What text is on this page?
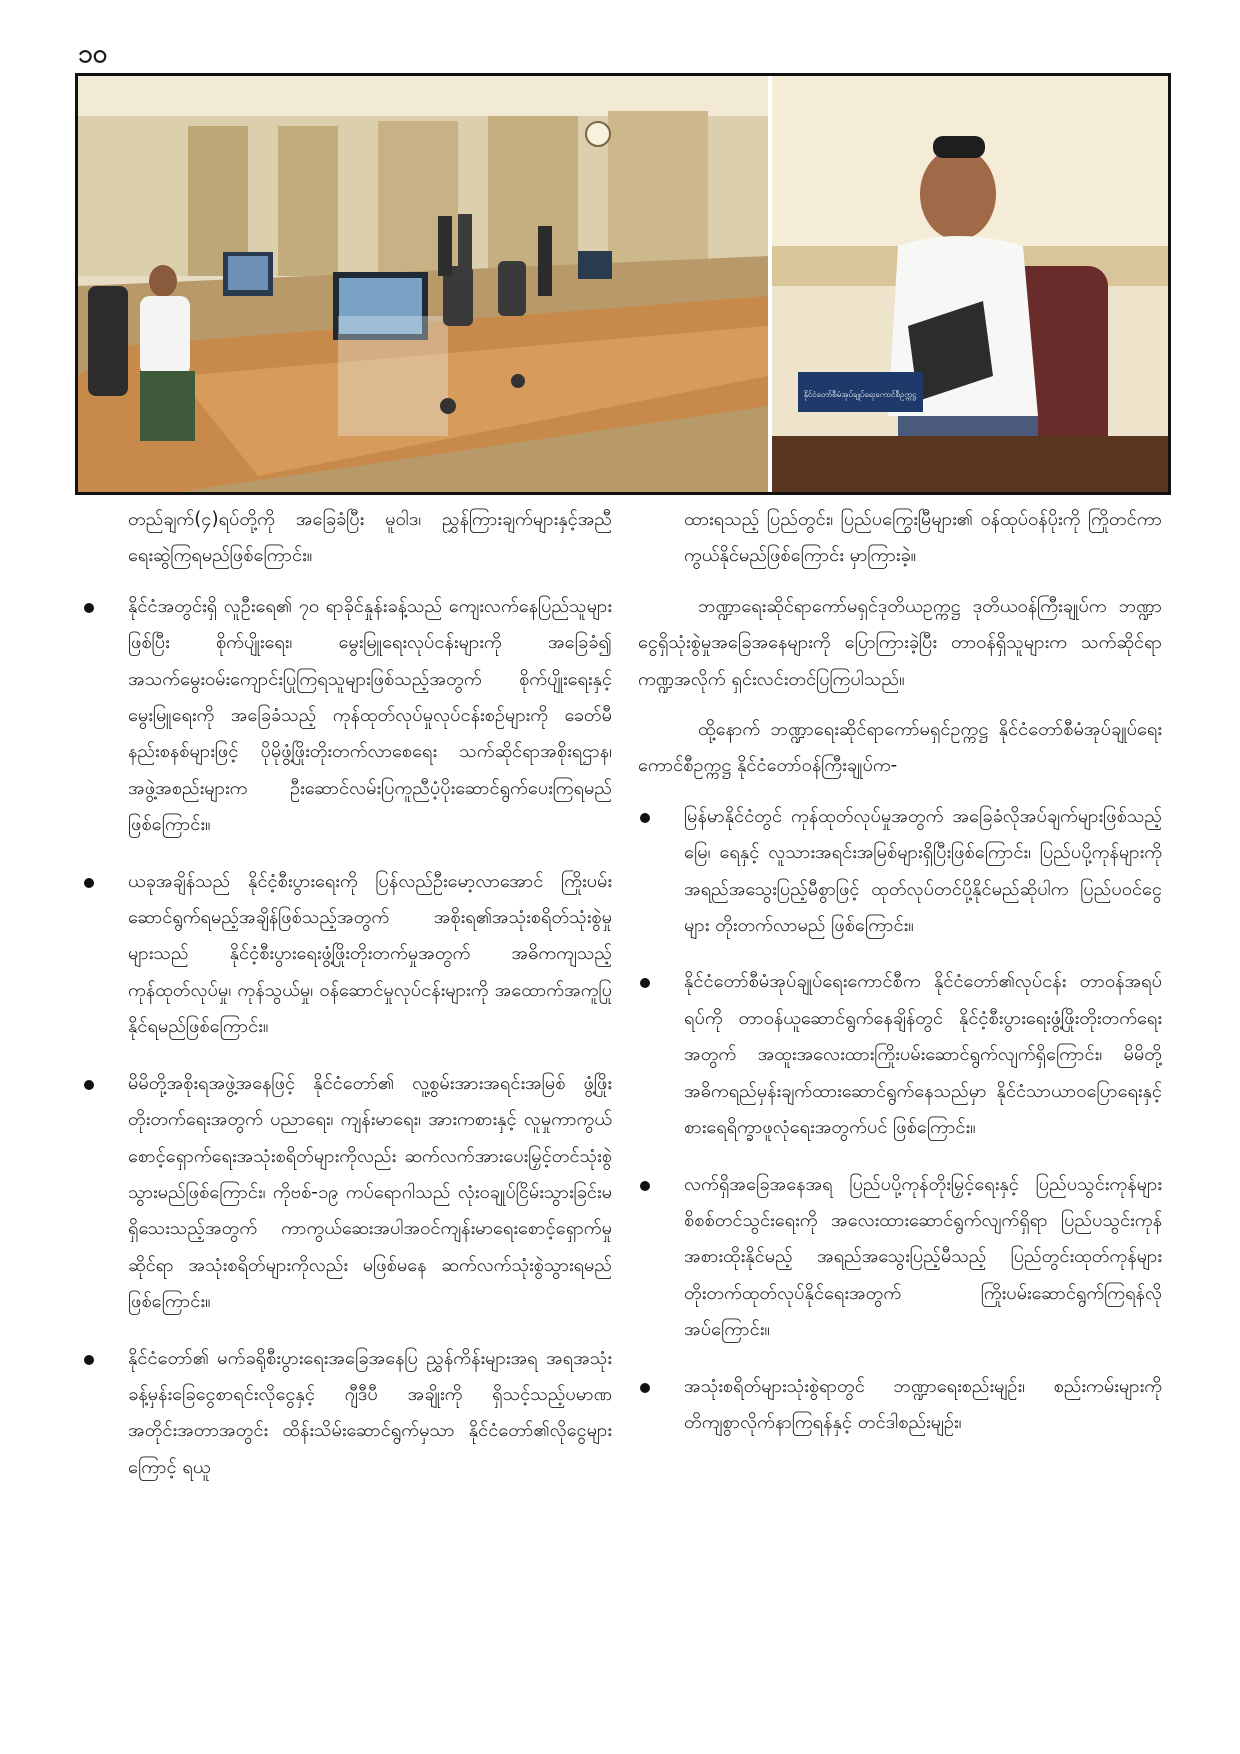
၁၀
နိုင်ငံတော်စီမံအုပ်ချုပ်ရေးကောင်စီဥက္ကဋ္ဌ

တည်ချက်(၄)ရပ်တို့ကို အခြေခံပြီး မူဝါဒ၊ ညွှန်ကြားချက်များနှင့်အညီ ရေးဆွဲကြရမည်ဖြစ်ကြောင်း။

နိုင်ငံအတွင်းရှိ လူဦးရေ၏ ၇၀ ရာခိုင်နှုန်းခန့်သည် ကျေးလက်နေပြည်သူများဖြစ်ပြီး စိုက်ပျိုးရေး၊ မွေးမြူရေးလုပ်ငန်းများကို အခြေခံ၍ အသက်မွေးဝမ်းကျောင်းပြုကြရသူများဖြစ်သည့်အတွက် စိုက်ပျိုးရေးနှင့် မွေးမြူရေးကို အခြေခံသည့် ကုန်ထုတ်လုပ်မှုလုပ်ငန်းစဉ်များကို ခေတ်မီနည်းစနစ်များဖြင့် ပိုမိုဖွံ့ဖြိုးတိုးတက်လာစေရေး သက်ဆိုင်ရာအစိုးရဌာန၊ အဖွဲ့အစည်းများက ဦးဆောင်လမ်းပြကူညီပံ့ပိုးဆောင်ရွက်ပေးကြရမည်ဖြစ်ကြောင်း။
ယခုအချိန်သည် နိုင်ငံ့စီးပွားရေးကို ပြန်လည်ဦးမော့လာအောင် ကြိုးပမ်းဆောင်ရွက်ရမည့်အချိန်ဖြစ်သည့်အတွက် အစိုးရ၏အသုံးစရိတ်သုံးစွဲမှုများသည် နိုင်ငံ့စီးပွားရေးဖွံ့ဖြိုးတိုးတက်မှုအတွက် အဓိကကျသည့် ကုန်ထုတ်လုပ်မှု၊ ကုန်သွယ်မှု၊ ဝန်ဆောင်မှုလုပ်ငန်းများကို အထောက်အကူပြုနိုင်ရမည်ဖြစ်ကြောင်း။
မိမိတို့အစိုးရအဖွဲ့အနေဖြင့် နိုင်ငံတော်၏ လူ့စွမ်းအားအရင်းအမြစ် ဖွံ့ဖြိုးတိုးတက်ရေးအတွက် ပညာရေး၊ ကျန်းမာရေး၊ အားကစားနှင့် လူမှုကာကွယ်စောင့်ရှောက်ရေးအသုံးစရိတ်များကိုလည်း ဆက်လက်အားပေးမြှင့်တင်သုံးစွဲသွားမည်ဖြစ်ကြောင်း၊ ကိုဗစ်-၁၉ ကပ်ရောဂါသည် လုံးဝချုပ်ငြိမ်းသွားခြင်းမရှိသေးသည့်အတွက် ကာကွယ်ဆေးအပါအဝင်ကျန်းမာရေးစောင့်ရှောက်မှုဆိုင်ရာ အသုံးစရိတ်များကိုလည်း မဖြစ်မနေ ဆက်လက်သုံးစွဲသွားရမည်ဖြစ်ကြောင်း။
နိုင်ငံတော်၏ မက်ခရိုစီးပွားရေးအခြေအနေပြ ညွှန်ကိန်းများအရ အရအသုံးခန့်မှန်းခြေငွေစာရင်းလိုငွေနှင့် ဂျီဒီပီ အချိုးကို ရှိသင့်သည့်ပမာဏ အတိုင်းအတာအတွင်း ထိန်းသိမ်းဆောင်ရွက်မှသာ နိုင်ငံတော်၏လိုငွေများကြောင့် ရယူ

ထားရသည့် ပြည်တွင်း၊ ပြည်ပကြွေးမြီများ၏ ဝန်ထုပ်ဝန်ပိုးကို ကြိုတင်ကာကွယ်နိုင်မည်ဖြစ်ကြောင်း မှာကြားခဲ့။

ဘဏ္ဍာရေးဆိုင်ရာကော်မရှင်ဒုတိယဥက္ကဋ္ဌ ဒုတိယဝန်ကြီးချုပ်က ဘဏ္ဍာငွေရှိသုံးစွဲမှုအခြေအနေများကို ပြောကြားခဲ့ပြီး တာဝန်ရှိသူများက သက်ဆိုင်ရာကဏ္ဍအလိုက် ရှင်းလင်းတင်ပြကြပါသည်။

ထို့နောက် ဘဏ္ဍာရေးဆိုင်ရာကော်မရှင်ဥက္ကဋ္ဌ နိုင်ငံတော်စီမံအုပ်ချုပ်ရေးကောင်စီဥက္ကဋ္ဌ နိုင်ငံတော်ဝန်ကြီးချုပ်က-

မြန်မာနိုင်ငံတွင် ကုန်ထုတ်လုပ်မှုအတွက် အခြေခံလိုအပ်ချက်များဖြစ်သည့် မြေ၊ ရေနှင့် လူသားအရင်းအမြစ်များရှိပြီးဖြစ်ကြောင်း၊ ပြည်ပပို့ကုန်များကို အရည်အသွေးပြည့်မီစွာဖြင့် ထုတ်လုပ်တင်ပို့နိုင်မည်ဆိုပါက ပြည်ပဝင်ငွေများ တိုးတက်လာမည် ဖြစ်ကြောင်း။
နိုင်ငံတော်စီမံအုပ်ချုပ်ရေးကောင်စီက နိုင်ငံတော်၏လုပ်ငန်း တာဝန်အရပ်ရပ်ကို တာဝန်ယူဆောင်ရွက်နေချိန်တွင် နိုင်ငံ့စီးပွားရေးဖွံ့ဖြိုးတိုးတက်ရေးအတွက် အထူးအလေးထားကြိုးပမ်းဆောင်ရွက်လျက်ရှိကြောင်း၊ မိမိတို့အဓိကရည်မှန်းချက်ထားဆောင်ရွက်နေသည်မှာ နိုင်ငံသာယာဝပြောရေးနှင့် စားရေရိက္ခာဖူလုံရေးအတွက်ပင် ဖြစ်ကြောင်း။
လက်ရှိအခြေအနေအရ ပြည်ပပို့ကုန်တိုးမြှင့်ရေးနှင့် ပြည်ပသွင်းကုန်များ စိစစ်တင်သွင်းရေးကို အလေးထားဆောင်ရွက်လျက်ရှိရာ ပြည်ပသွင်းကုန်အစားထိုးနိုင်မည့် အရည်အသွေးပြည့်မီသည့် ပြည်တွင်းထုတ်ကုန်များ တိုးတက်ထုတ်လုပ်နိုင်ရေးအတွက် ကြိုးပမ်းဆောင်ရွက်ကြရန်လိုအပ်ကြောင်း။
အသုံးစရိတ်များသုံးစွဲရာတွင် ဘဏ္ဍာရေးစည်းမျဉ်း၊ စည်းကမ်းများကို တိကျစွာလိုက်နာကြရန်နှင့် တင်ဒါစည်းမျဉ်း၊
